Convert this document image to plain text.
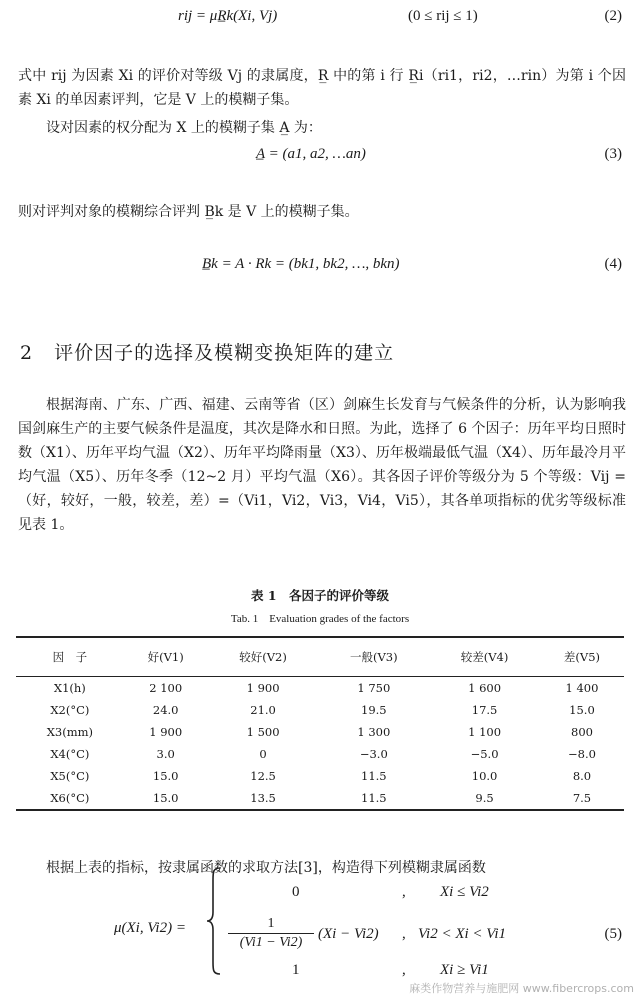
rij = μR̲k(Xi, Vj)	(0 ≤ rij ≤ 1)	(2)
式中 rij 为因素 Xi 的评价对等级 Vj 的隶属度，R̲ 中的第 i 行 R̲i（ri1，ri2，…rin）为第 i 个因素 Xi 的单因素评判，它是 V 上的模糊子集。
设对因素的权分配为 X 上的模糊子集 A̲ 为：
A̲ = (a1, a2, …an)	(3)
则对评判对象的模糊综合评判 B̲k 是 V 上的模糊子集。
B̲k = A · Rk = (bk1, bk2, …, bkn)	(4)
2 评价因子的选择及模糊变换矩阵的建立
根据海南、广东、广西、福建、云南等省（区）剑麻生长发育与气候条件的分析，认为影响我国剑麻生产的主要气候条件是温度，其次是降水和日照。为此，选择了 6 个因子：历年平均日照时数（X1）、历年平均气温（X2）、历年平均降雨量（X3）、历年极端最低气温（X4）、历年最冷月平均气温（X5）、历年冬季（12~2 月）平均气温（X6）。其各因子评价等级分为 5 个等级：Vij =（好，较好，一般，较差，差）=（Vi1，Vi2，Vi3，Vi4，Vi5），其各单项指标的优劣等级标准见表 1。
表 1　各因子的评价等级
Tab. 1　Evaluation grades of the factors
因　子	好(V1)	较好(V2)	一般(V3)	较差(V4)	差(V5)
X1(h)	2 100	1 900	1 750	1 600	1 400
X2(°C)	24.0	21.0	19.5	17.5	15.0
X3(mm)	1 900	1 500	1 300	1 100	800
X4(°C)	3.0	0	−3.0	−5.0	−8.0
X5(°C)	15.0	12.5	11.5	10.0	8.0
X6(°C)	15.0	13.5	11.5	9.5	7.5
根据上表的指标，按隶属函数的求取方法[3]，构造得下列模糊隶属函数
μ(Xi, Vi2) =
0	, Xi ≤ Vi2
$\frac{1}{(Vi1 - Vi2)} (Xi - Vi2)$ , Vi2 < Xi < Vi1
1	, Xi ≥ Vi1
(5)
麻类作物营养与施肥网 www.fibercrops.com
